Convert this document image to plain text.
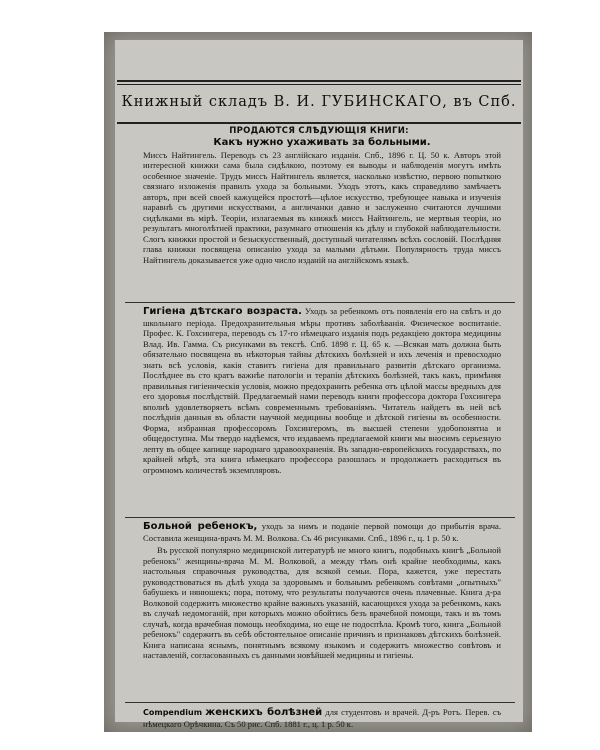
Книжный складъ В. И. ГУБИНСКАГО, въ Спб.
ПРОДАЮТСЯ СЛѢДУЮЩІЯ КНИГИ:
Какъ нужно ухаживать за больными.

Миссъ Найтингель. Переводъ съ 23 англійскаго изданія. Спб., 1896 г. Ц. 50 к. Авторъ этой интересной книжки сама была сидѣлкою, поэтому ея выводы и наблюденія могутъ имѣть особенное значеніе. Трудъ миссъ Найтингель является, насколько извѣстно, первою попыткою связнаго изложенія правилъ ухода за больными. Уходъ этотъ, какъ справедливо замѣчаетъ авторъ, при всей своей кажущейся простотѣ—цѣлое искусство, требующее навыка и изученія наравнѣ съ другими искусствами, а англичанки давно и заслуженно считаются лучшими сидѣлками въ мірѣ. Теоріи, излагаемыя въ книжкѣ миссъ Найтингель, не мертвыя теоріи, но результатъ многолѣтней практики, разумнаго отношенія къ дѣлу и глубокой наблюдательности. Слогъ книжки простой и безыскусственный, доступный читателямъ всѣхъ сословій. Послѣдняя глава книжки посвящена описанію ухода за малыми дѣтьми. Популярность труда миссъ Найтингель доказывается уже одно число изданій на англійскомъ языкѣ.

Гигіена дѣтскаго возраста. Уходъ за ребенкомъ отъ появленія его на свѣтъ и до школьнаго періода. Предохранительныя мѣры противъ заболѣванія. Физическое воспитаніе. Профес. К. Гохсингера, переводъ съ 17-го нѣмецкаго изданія подъ редакціею доктора медицины Влад. Ив. Гамма. Съ рисунками въ текстѣ. Спб. 1898 г. Ц. 65 к. —Всякая мать должна быть обязательно посвящена въ нѣкоторыя тайны дѣтскихъ болѣзней и ихъ леченія и превосходно знать всѣ условія, какія ставитъ гигіена для правильнаго развитія дѣтскаго организма. Послѣднее въ сто кратъ важнѣе патологіи и терапіи дѣтскихъ болѣзней, такъ какъ, примѣняя правильныя гигіеническія условія, можно предохранить ребенка отъ цѣлой массы вредныхъ для его здоровья послѣдствій. Предлагаемый нами переводъ книги профессора доктора Гохсингера вполнѣ удовлетворяетъ всѣмъ современнымъ требованіямъ. Читатель найдетъ въ ней всѣ послѣднія данныя въ области научной медицины вообще и дѣтской гигіены въ особенности. Форма, избранная профессоромъ Гохсингеромъ, въ высшей степени удобопонятна и общедоступна. Мы твердо надѣемся, что издаваемъ предлагаемой книги мы вносимъ серьезную лепту въ общее капище народнаго здравоохраненія. Въ западно-европейскихъ государствахъ, по крайней мѣрѣ, эта книга нѣмецкаго профессора разошлась и продолжаетъ расходиться въ огромномъ количествѣ экземпляровъ.

Больной ребенокъ, уходъ за нимъ и поданіе первой помощи до прибытія врача. Составила женщина-врачъ М. М. Волкова. Съ 46 рисунками. Спб., 1896 г., ц. 1 р. 50 к.

Въ русской популярно медицинской литературѣ не много книгъ, подобныхъ книгѣ „Больной ребенокъ" женщины-врача М. М. Волковой, а между тѣмъ онѣ крайне необходимы, какъ настольныя справочныя руководства, для всякой семьи. Пора, кажется, уже перестать руководствоваться въ дѣлѣ ухода за здоровымъ и больнымъ ребенкомъ совѣтами „опытныхъ" бабушекъ и нянюшекъ; пора, потому, что результаты получаются очень плачевные. Книга д-ра Волковой содержитъ множество крайне важныхъ указаній, касающихся ухода за ребенкомъ, какъ въ случаѣ недомоганій, при которыхъ можно обойтись безъ врачебной помощи, такъ и въ томъ случаѣ, когда врачебная помощь необходима, но еще не подоспѣла. Кромѣ того, книга „Больной ребенокъ" содержитъ въ себѣ обстоятельное описаніе причинъ и признаковъ дѣтскихъ болѣзней. Книга написана яснымъ, понятнымъ всякому языкомъ и содержитъ множество совѣтовъ и наставленій, согласованныхъ съ данными новѣйшей медицины и гигіены.

Compendium женскихъ болѣзней для студентовъ и врачей. Д-ръ Ротъ. Перев. съ нѣмецкаго Орѣчкина. Съ 50 рис. Спб. 1881 г., ц. 1 р. 50 к.
